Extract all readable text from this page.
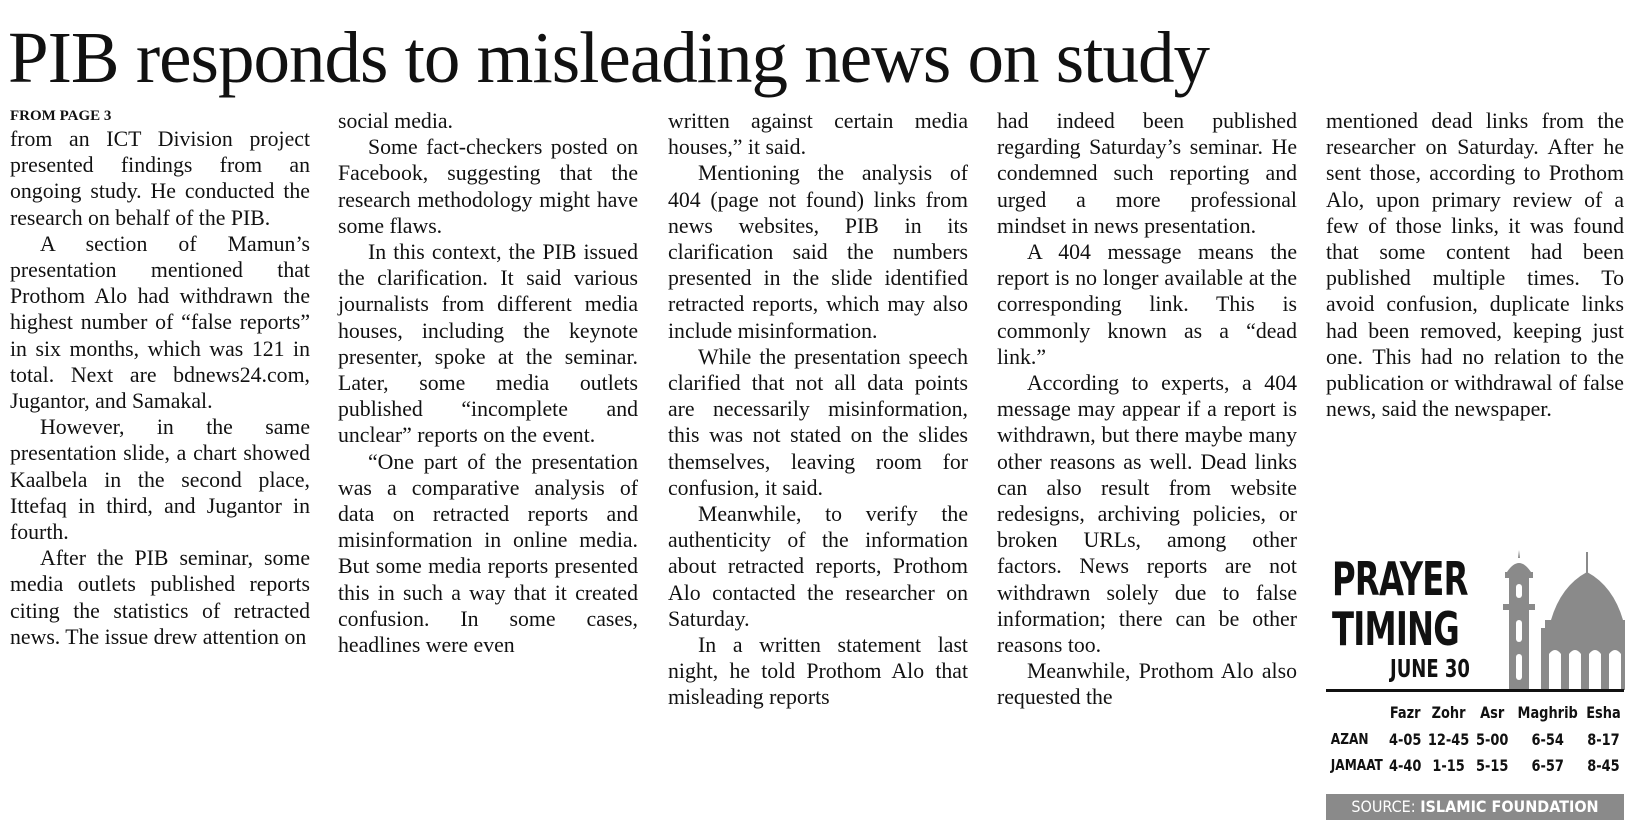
PIB responds to misleading news on study
FROM PAGE 3

from an ICT Division project presented findings from an ongoing study. He conducted the research on behalf of the PIB.

A section of Mamun’s presentation mentioned that Prothom Alo had withdrawn the highest number of “false reports” in six months, which was 121 in total. Next are bdnews24.com, Jugantor, and Samakal.

However, in the same presentation slide, a chart showed Kaalbela in the second place, Ittefaq in third, and Jugantor in fourth.

After the PIB seminar, some media outlets published reports citing the statistics of retracted news. The issue drew attention on

social media.

Some fact-checkers posted on Facebook, suggesting that the research methodology might have some flaws.

In this context, the PIB issued the clarification. It said various journalists from different media houses, including the keynote presenter, spoke at the seminar. Later, some media outlets published “incomplete and unclear” reports on the event.

“One part of the presentation was a comparative analysis of data on retracted reports and misinformation in online media. But some media reports presented this in such a way that it created confusion. In some cases, headlines were even

written against certain media houses,” it said.

Mentioning the analysis of 404 (page not found) links from news websites, PIB in its clarification said the numbers presented in the slide identified retracted reports, which may also include misinformation.

While the presentation speech clarified that not all data points are necessarily misinformation, this was not stated on the slides themselves, leaving room for confusion, it said.

Meanwhile, to verify the authenticity of the information about retracted reports, Prothom Alo contacted the researcher on Saturday.

In a written statement last night, he told Prothom Alo that misleading reports

had indeed been published regarding Saturday’s seminar. He condemned such reporting and urged a more professional mindset in news presentation.

A 404 message means the report is no longer available at the corresponding link. This is commonly known as a “dead link.”

According to experts, a 404 message may appear if a report is withdrawn, but there maybe many other reasons as well. Dead links can also result from website redesigns, archiving policies, or broken URLs, among other factors. News reports are not withdrawn solely due to false information; there can be other reasons too.

Meanwhile, Prothom Alo also requested the

mentioned dead links from the researcher on Saturday. After he sent those, according to Prothom Alo, upon primary review of a few of those links, it was found that some content had been published multiple times. To avoid confusion, duplicate links had been removed, keeping just one. This had no relation to the publication or withdrawal of false news, said the newspaper.

PRAYER
TIMING
JUNE 30
	Fazr	Zohr	Asr	Maghrib	Esha
AZAN	4-05	12-45	5-00	6-54	8-17
JAMAAT	4-40	1-15	5-15	6-57	8-45
SOURCE: ISLAMIC FOUNDATION
